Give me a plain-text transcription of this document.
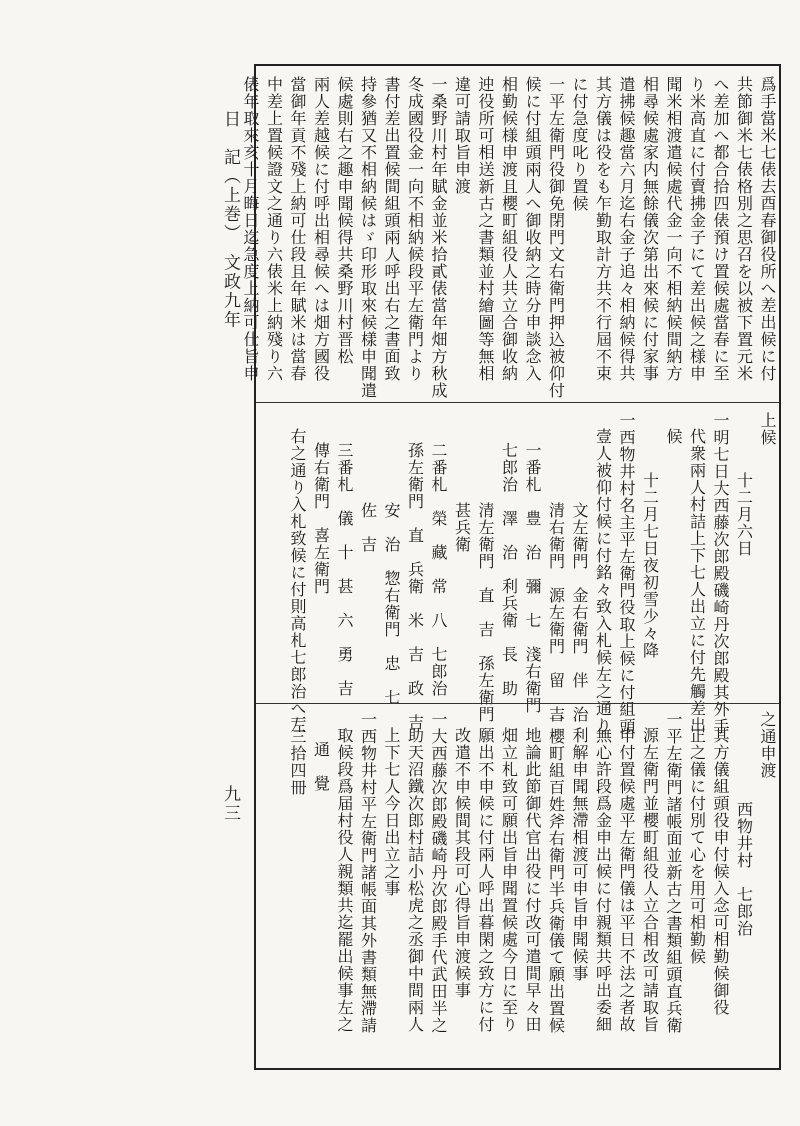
日　記（上巻）　文政九年
九三
爲手當米七俵去酉春御役所へ差出候に付
共節御米七俵格別之思召を以被下置元米
へ差加へ都合拾四俵預け置候處當春に至
り米高直に付賣拂金子にて差出候之様申
聞米相渡遣候處代金一向不相納候間納方
相尋候處家内無餘儀次第出來候に付家事
遣拂候趣當六月迄右金子追々相納候得共
其方儀は役をも乍勤取計方共不行屆不束
に付急度叱り置候
一平左衛門役御免閉門文右衛門押込被仰付
候に付組頭兩人へ御收納之時分申談念入
相勤候様申渡且櫻町組役人共立合御收納
迚役所可相送新古之書類並村繪圖等無相
違可請取旨申渡
一桑野川村年賦金並米拾貳俵當年畑方秋成
冬成國役金一向不相納候段平左衛門より
書付差出置候間組頭兩人呼出右之書面致
持參猶又不相納候はゞ印形取來候樣申聞遣
候處則右之趣申聞候得共桑野川村晋松
兩人差越候に付呼出相尋候へは畑方國役
當御年貢不殘上納可仕段且年賦米は當春
中差上置候證文之通り六俵米上納殘り六
俵年取來亥十月晦日迄急度上納可仕旨申
上候
十二月六日
一明七日大西藤次郎殿磯崎丹次郎殿其外手
代衆兩人村詰上下七人出立に付先觸差出
候
十二月七日夜初雪少々降
一西物井村名主平左衛門役取上候に付組頭
壹人被仰付候に付銘々致入札候左之通り
文左衛門　金右衛門　伴　治
清右衛門　源左衛門　留　吉
一番札　豊　治　彌　七　淺右衛門
七郎治　澤　治　利兵衛　長　助
清左衛門　直　吉　孫左衛門
甚兵衛
二番札　榮　藏　常　八　七郎治
孫左衛門　直　兵衛　米　吉　政　吉
安　治　惣右衛門　忠　七
佐　吉
三番札　儀　十　甚　六　勇　吉
傳右衛門　喜左衛門
右之通り入札致候に付則高札七郎治へ左
之通申渡
西物井村　七郎治
其方儀組頭役申付候入念可相勤候御役
正之儀に付別て心を用可相勤候
一平左衛門諸帳面並新古之書類組頭直兵衛
源左衛門並櫻町組役人立合相改可請取旨
申付置候處平左衛門儀は平日不法之者故
無心許段爲金申出候に付親類共呼出委細
利解申聞無滯相渡可申旨申聞候事
一櫻町組百姓斧右衛門半兵衛儀て願出置候
地論此節御代官出役に付改可遣間早々田
畑立札致可願出旨申聞置候處今日に至り
願出不申候に付兩人呼出暮閑之致方に付
改遣不申候間其段可心得旨申渡候事
一大西藤次郎殿磯崎丹次郎殿手代武田半之
助天沼鐵次郎村詰小松虎之丞御中間兩人
上下七人今日出立之事
一西物井村平左衛門諸帳面其外書類無滯請
取候段爲届村役人親類共迄罷出候事左之
通　覺
一三拾四冊
